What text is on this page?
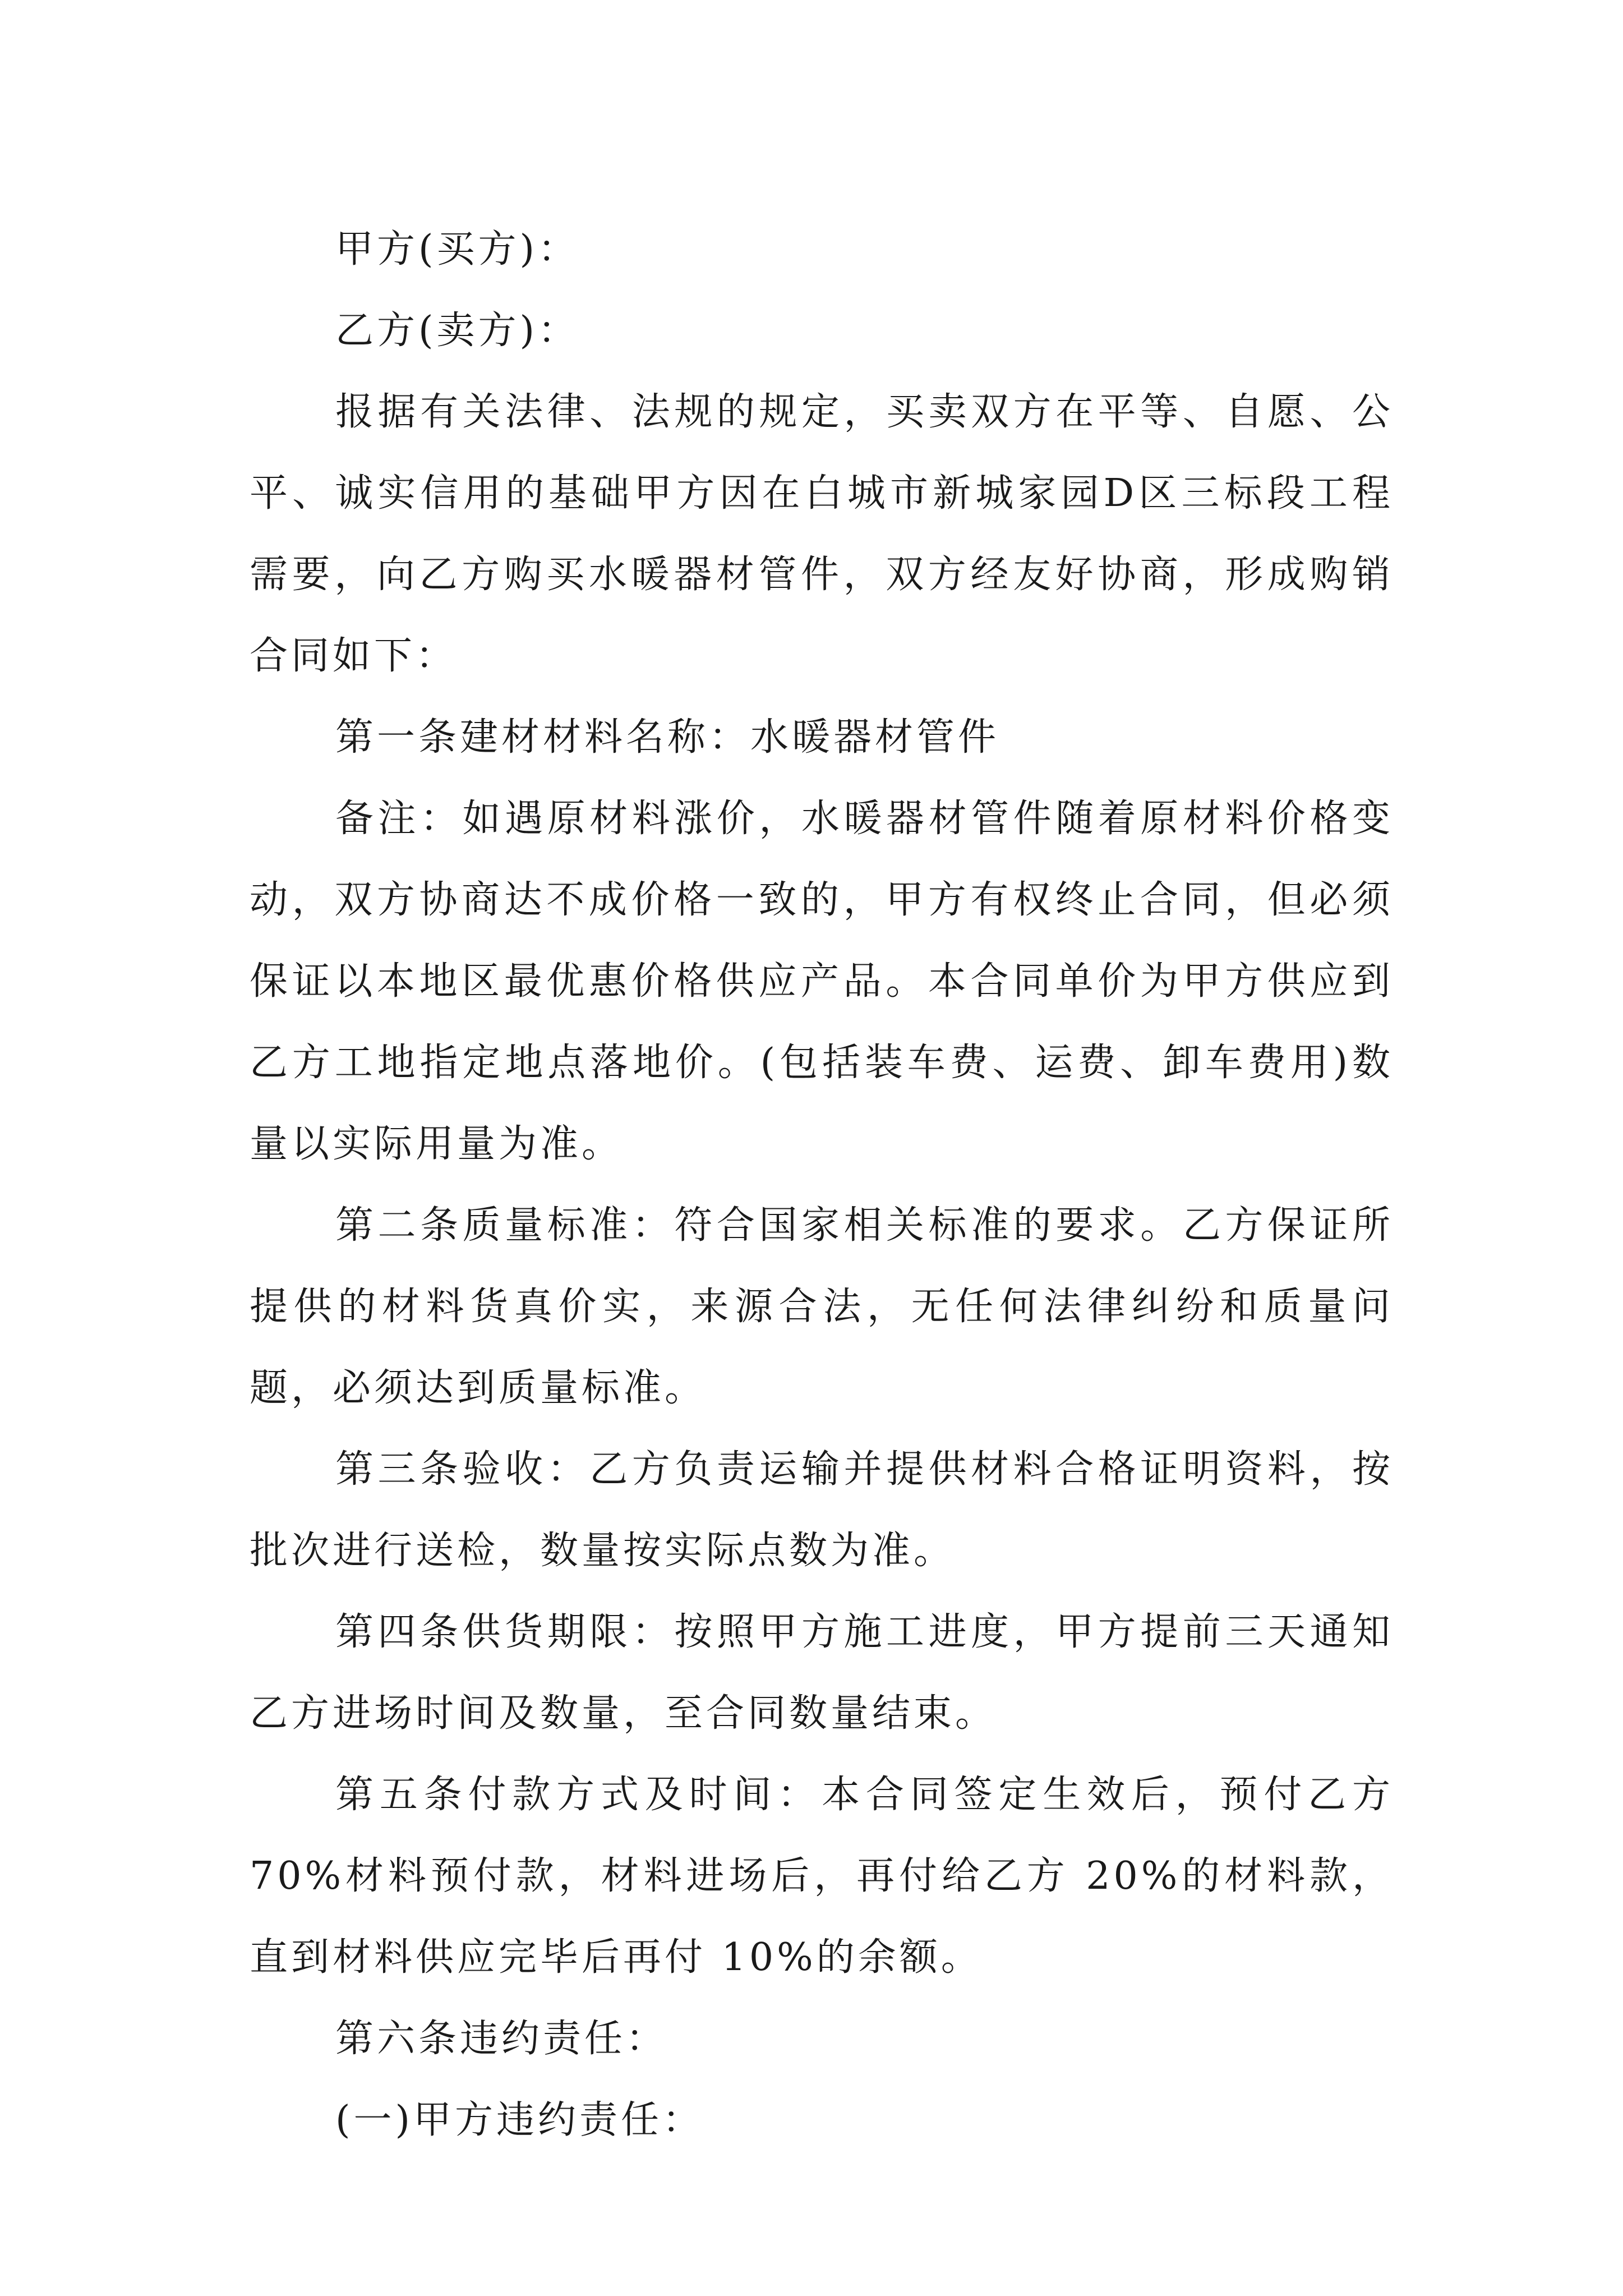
甲方(买方)：

乙方(卖方)：

报据有关法律、法规的规定，买卖双方在平等、自愿、公平、诚实信用的基础甲方因在白城市新城家园D区三标段工程需要，向乙方购买水暖器材管件，双方经友好协商，形成购销合同如下：

第一条建材材料名称：水暖器材管件

备注：如遇原材料涨价，水暖器材管件随着原材料价格变动，双方协商达不成价格一致的，甲方有权终止合同，但必须保证以本地区最优惠价格供应产品。本合同单价为甲方供应到乙方工地指定地点落地价。(包括装车费、运费、卸车费用)数量以实际用量为准。

第二条质量标准：符合国家相关标准的要求。乙方保证所提供的材料货真价实，来源合法，无任何法律纠纷和质量问题，必须达到质量标准。

第三条验收：乙方负责运输并提供材料合格证明资料，按批次进行送检，数量按实际点数为准。

第四条供货期限：按照甲方施工进度，甲方提前三天通知乙方进场时间及数量，至合同数量结束。

第五条付款方式及时间：本合同签定生效后，预付乙方70%材料预付款，材料进场后，再付给乙方 20%的材料款，直到材料供应完毕后再付 10%的余额。

第六条违约责任：

(一)甲方违约责任：
